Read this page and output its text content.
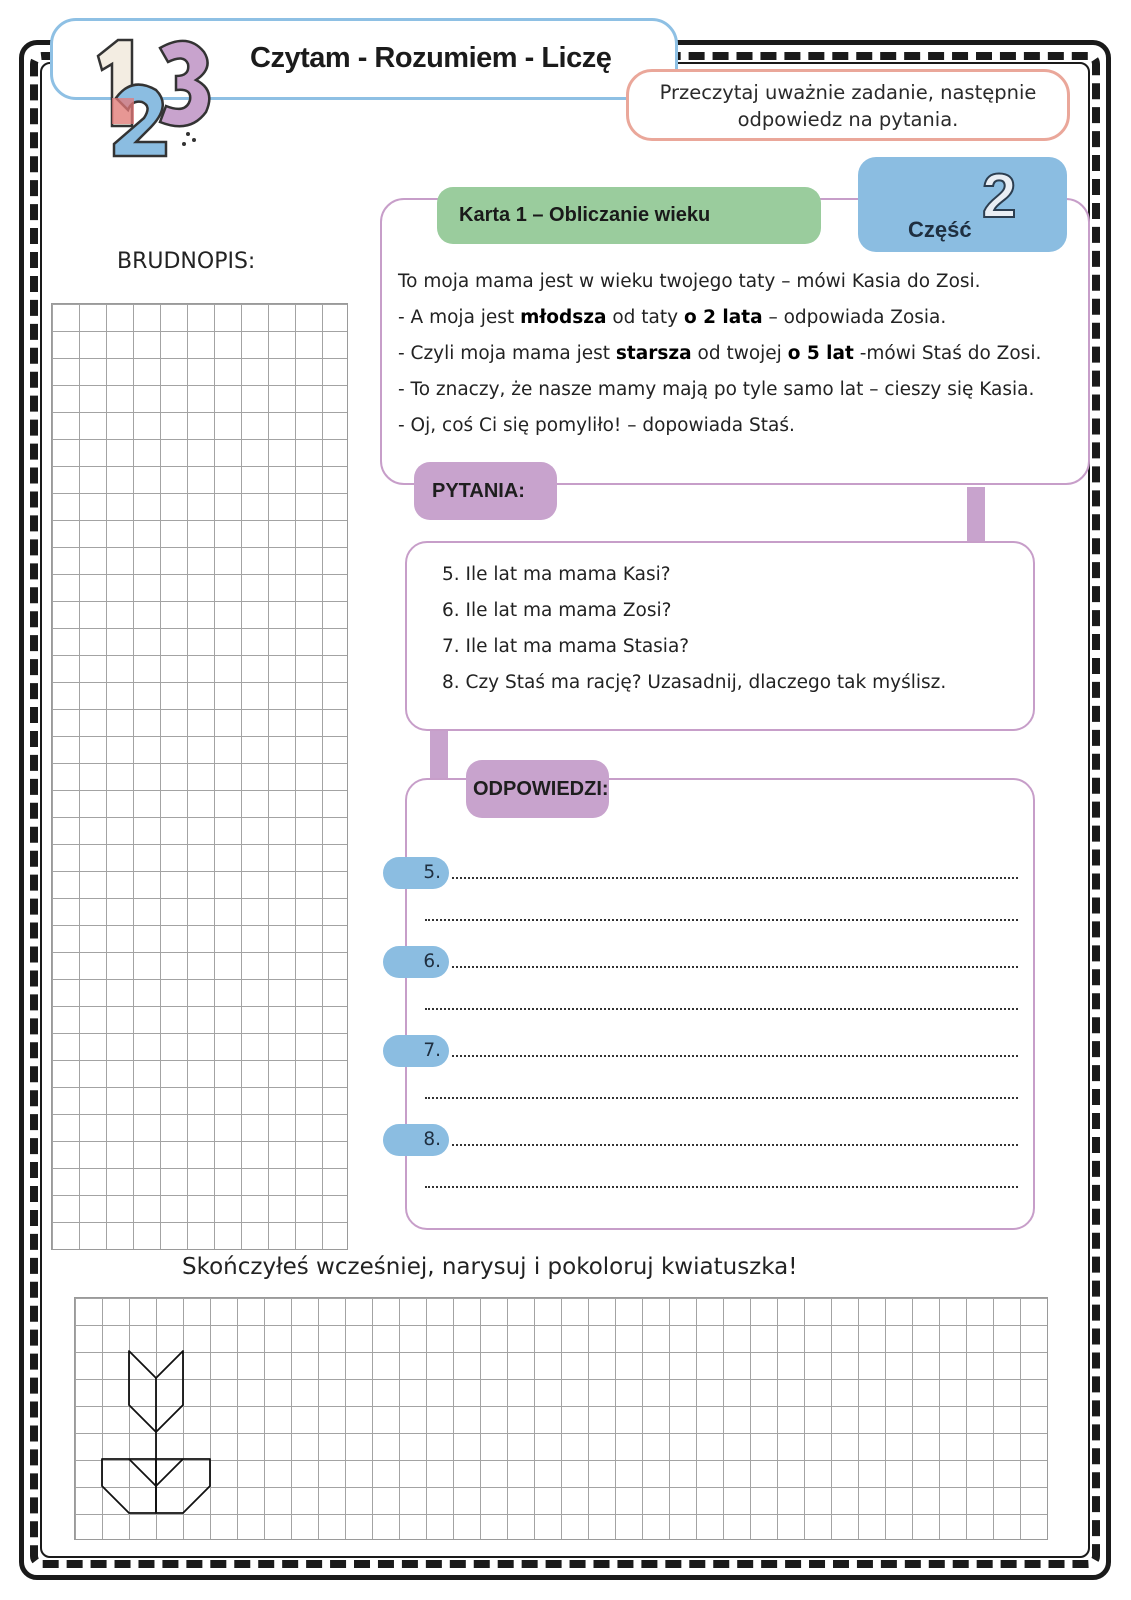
Czytam - Rozumiem - Liczę
Przeczytaj uważnie zadanie, następnie
odpowiedz na pytania.
BRUDNOPIS:
Część 2
Karta 1 – Obliczanie wieku
To moja mama jest w wieku twojego taty – mówi Kasia do Zosi.
- A moja jest młodsza od taty o 2 lata – odpowiada Zosia.
- Czyli moja mama jest starsza od twojej o 5 lat -mówi Staś do Zosi.
- To znaczy, że nasze mamy mają po tyle samo lat – cieszy się Kasia.
- Oj, coś Ci się pomyliło! – dopowiada Staś.
PYTANIA:
5. Ile lat ma mama Kasi?
6. Ile lat ma mama Zosi?
7. Ile lat ma mama Stasia?
8. Czy Staś ma rację? Uzasadnij, dlaczego tak myślisz.
ODPOWIEDZI:
5.
6.
7.
8.
Skończyłeś wcześniej, narysuj i pokoloruj kwiatuszka!
